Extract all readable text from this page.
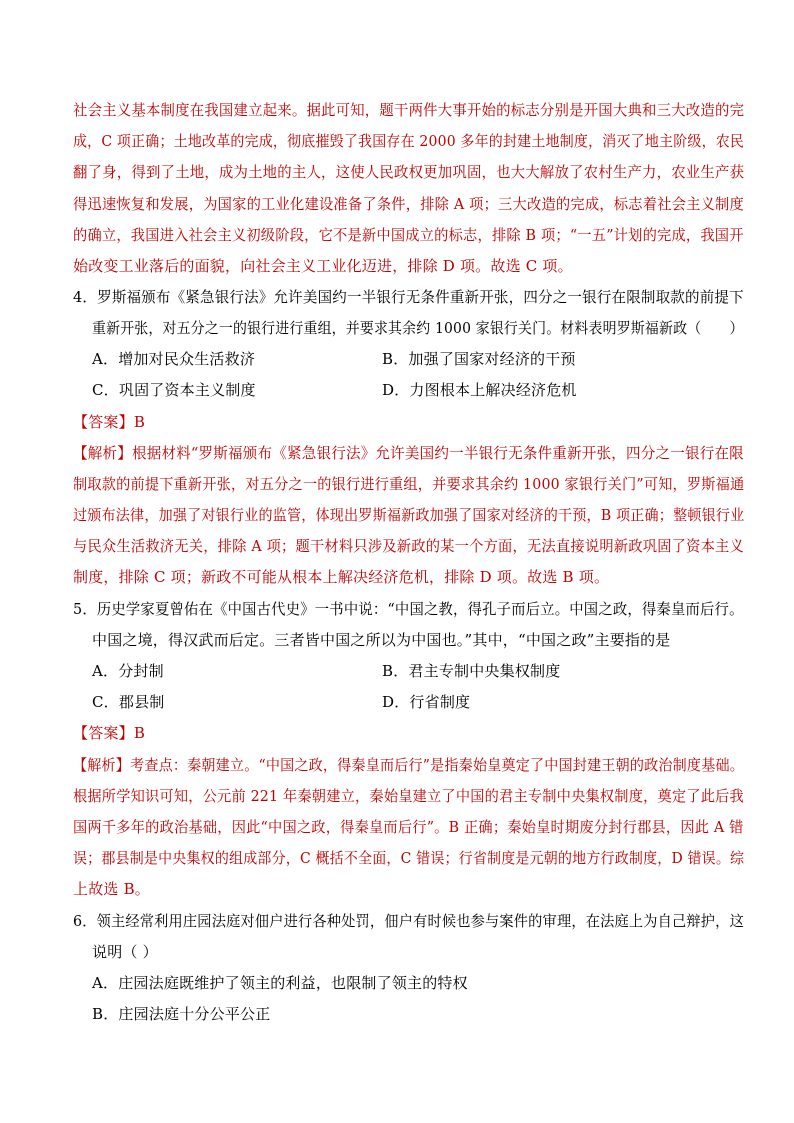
社会主义基本制度在我国建立起来。据此可知，题干两件大事开始的标志分别是开国大典和三大改造的完
成，C 项正确；土地改革的完成，彻底摧毁了我国存在 2000 多年的封建土地制度，消灭了地主阶级，农民
翻了身，得到了土地，成为土地的主人，这使人民政权更加巩固，也大大解放了农村生产力，农业生产获
得迅速恢复和发展，为国家的工业化建设准备了条件，排除 A 项；三大改造的完成，标志着社会主义制度
的确立，我国进入社会主义初级阶段，它不是新中国成立的标志，排除 B 项；“一五”计划的完成，我国开
始改变工业落后的面貌，向社会主义工业化迈进，排除 D 项。故选 C 项。
4．罗斯福颁布《紧急银行法》允许美国约一半银行无条件重新开张，四分之一银行在限制取款的前提下
重新开张，对五分之一的银行进行重组，并要求其余约 1000 家银行关门。材料表明罗斯福新政（　　）
A．增加对民众生活救济	B．加强了国家对经济的干预
C．巩固了资本主义制度	D．力图根本上解决经济危机
【答案】B
【解析】根据材料“罗斯福颁布《紧急银行法》允许美国约一半银行无条件重新开张，四分之一银行在限
制取款的前提下重新开张，对五分之一的银行进行重组，并要求其余约 1000 家银行关门”可知，罗斯福通
过颁布法律，加强了对银行业的监管，体现出罗斯福新政加强了国家对经济的干预，B 项正确；整顿银行业
与民众生活救济无关，排除 A 项；题干材料只涉及新政的某一个方面，无法直接说明新政巩固了资本主义
制度，排除 C 项；新政不可能从根本上解决经济危机，排除 D 项。故选 B 项。
5．历史学家夏曾佑在《中国古代史》一书中说：“中国之教，得孔子而后立。中国之政，得秦皇而后行。
中国之境，得汉武而后定。三者皆中国之所以为中国也。”其中，“中国之政”主要指的是
A．分封制	B．君主专制中央集权制度
C．郡县制	D．行省制度
【答案】B
【解析】考查点：秦朝建立。“中国之政，得秦皇而后行”是指秦始皇奠定了中国封建王朝的政治制度基础。
根据所学知识可知，公元前 221 年秦朝建立，秦始皇建立了中国的君主专制中央集权制度，奠定了此后我
国两千多年的政治基础，因此“中国之政，得秦皇而后行”。B 正确；秦始皇时期废分封行郡县，因此 A 错
误；郡县制是中央集权的组成部分，C 概括不全面，C 错误；行省制度是元朝的地方行政制度，D 错误。综
上故选 B。
6．领主经常利用庄园法庭对佃户进行各种处罚，佃户有时候也参与案件的审理，在法庭上为自己辩护，这
说明（ ）
A．庄园法庭既维护了领主的利益，也限制了领主的特权
B．庄园法庭十分公平公正
